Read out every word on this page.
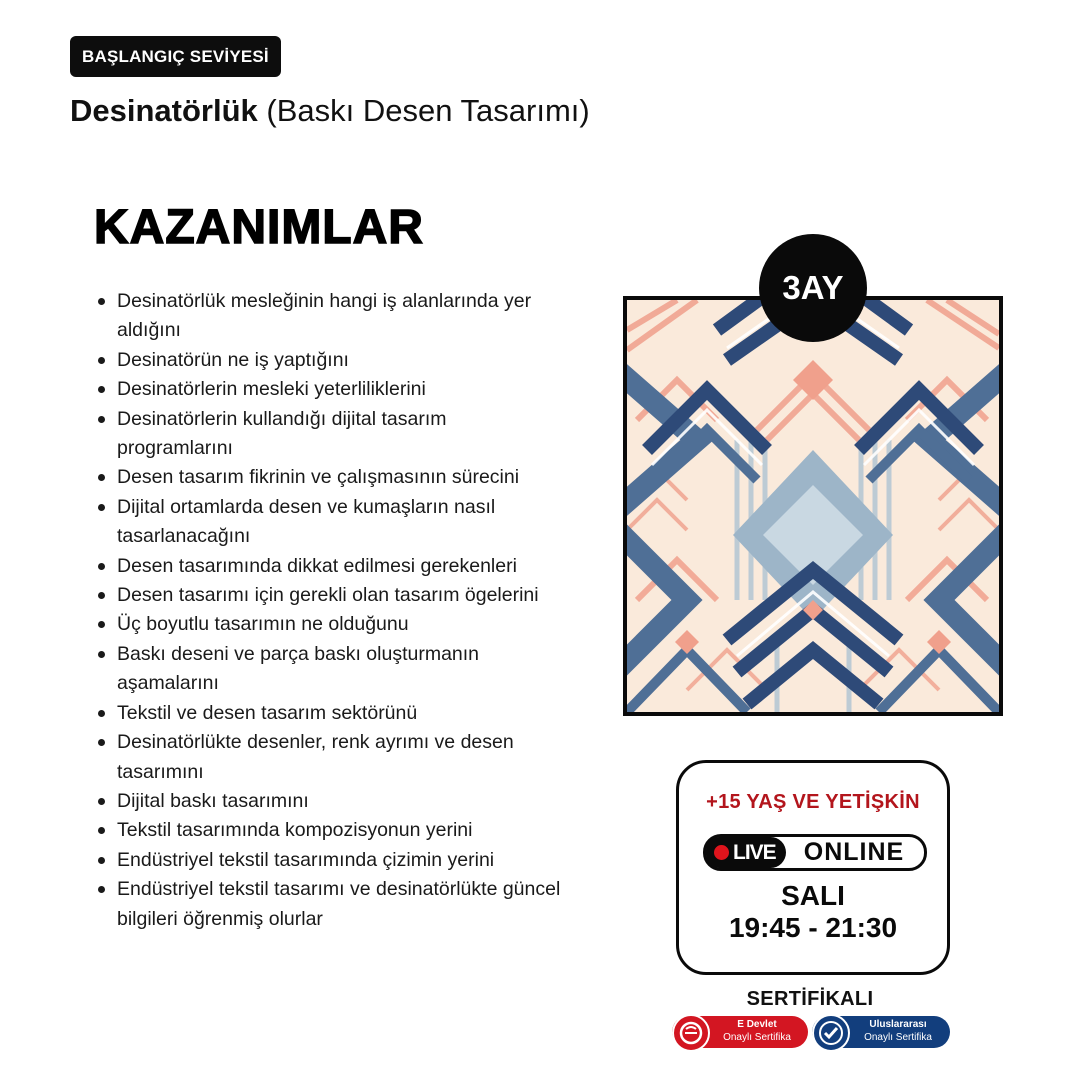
BAŞLANGIÇ SEVİYESİ
Desinatörlük (Baskı Desen Tasarımı)
KAZANIMLAR
Desinatörlük mesleğinin hangi iş alanlarında yer aldığını
Desinatörün ne iş yaptığını
Desinatörlerin mesleki yeterliliklerini
Desinatörlerin kullandığı dijital tasarım programlarını
Desen tasarım fikrinin ve çalışmasının sürecini
Dijital ortamlarda desen ve kumaşların nasıl tasarlanacağını
Desen tasarımında dikkat edilmesi gerekenleri
Desen tasarımı için gerekli olan tasarım ögelerini
Üç boyutlu tasarımın ne olduğunu
Baskı deseni ve parça baskı oluşturmanın aşamalarını
Tekstil ve desen tasarım sektörünü
Desinatörlükte desenler, renk ayrımı ve desen tasarımını
Dijital baskı tasarımını
Tekstil tasarımında kompozisyonun yerini
Endüstriyel tekstil tasarımında çizimin yerini
Endüstriyel tekstil tasarımı ve desinatörlükte güncel bilgileri öğrenmiş olurlar
3AY
+15 YAŞ VE YETİŞKİN
LIVE	ONLINE
SALI
19:45 - 21:30
SERTİFİKALI
E Devlet
Onaylı Sertifika
Uluslararası
Onaylı Sertifika
